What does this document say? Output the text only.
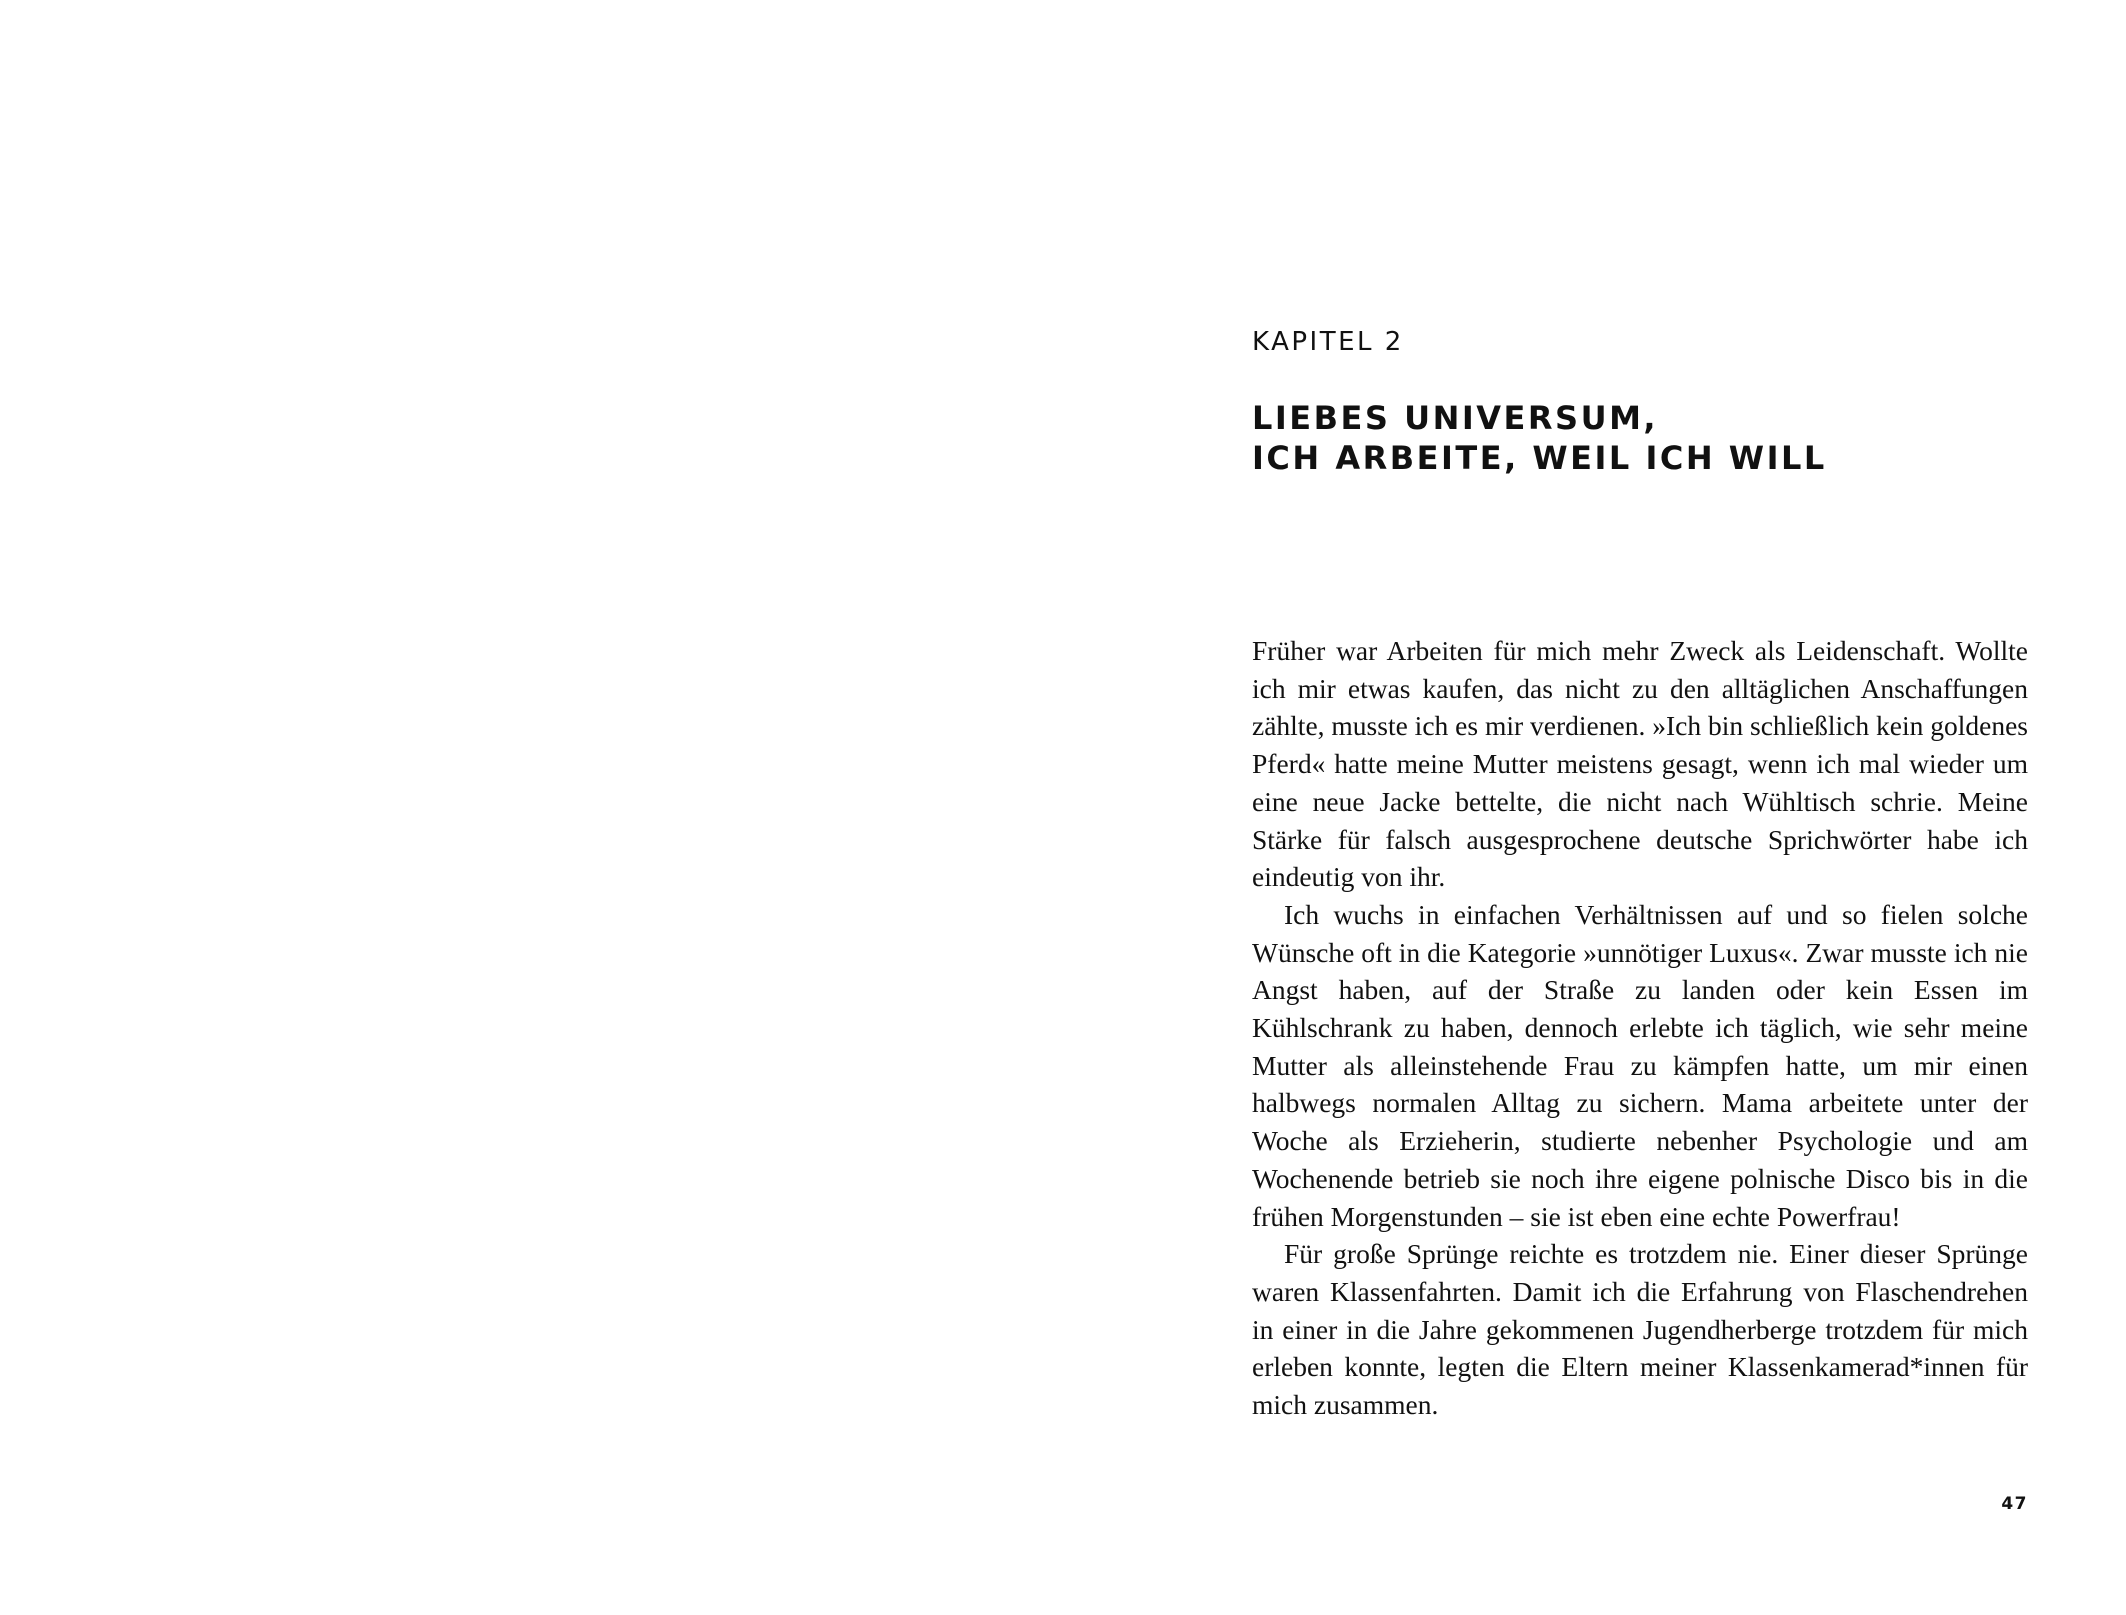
KAPITEL 2
LIEBES UNIVERSUM,
ICH ARBEITE, WEIL ICH WILL

Früher war Arbeiten für mich mehr Zweck als Leidenschaft. Wollte ich mir etwas kaufen, das nicht zu den alltäglichen Anschaffungen zählte, musste ich es mir verdienen. »Ich bin schließlich kein goldenes Pferd« hatte meine Mutter meistens gesagt, wenn ich mal wieder um eine neue Jacke bettelte, die nicht nach Wühltisch schrie. Meine Stärke für falsch ausgesprochene deutsche Sprichwörter habe ich eindeutig von ihr.

Ich wuchs in einfachen Verhältnissen auf und so fielen solche Wünsche oft in die Kategorie »unnötiger Luxus«. Zwar musste ich nie Angst haben, auf der Straße zu landen oder kein Essen im Kühlschrank zu haben, dennoch erlebte ich täglich, wie sehr meine Mutter als alleinstehende Frau zu kämpfen hatte, um mir einen halbwegs normalen Alltag zu sichern. Mama arbeitete unter der Woche als Erzieherin, studierte nebenher Psychologie und am Wochenende betrieb sie noch ihre eigene polnische Disco bis in die frühen Morgenstunden – sie ist eben eine echte Powerfrau!

Für große Sprünge reichte es trotzdem nie. Einer dieser Sprünge waren Klassenfahrten. Damit ich die Erfahrung von Flaschendrehen in einer in die Jahre gekommenen Jugendherberge trotzdem für mich erleben konnte, legten die Eltern meiner Klassenkamerad*innen für mich zusammen.

47
